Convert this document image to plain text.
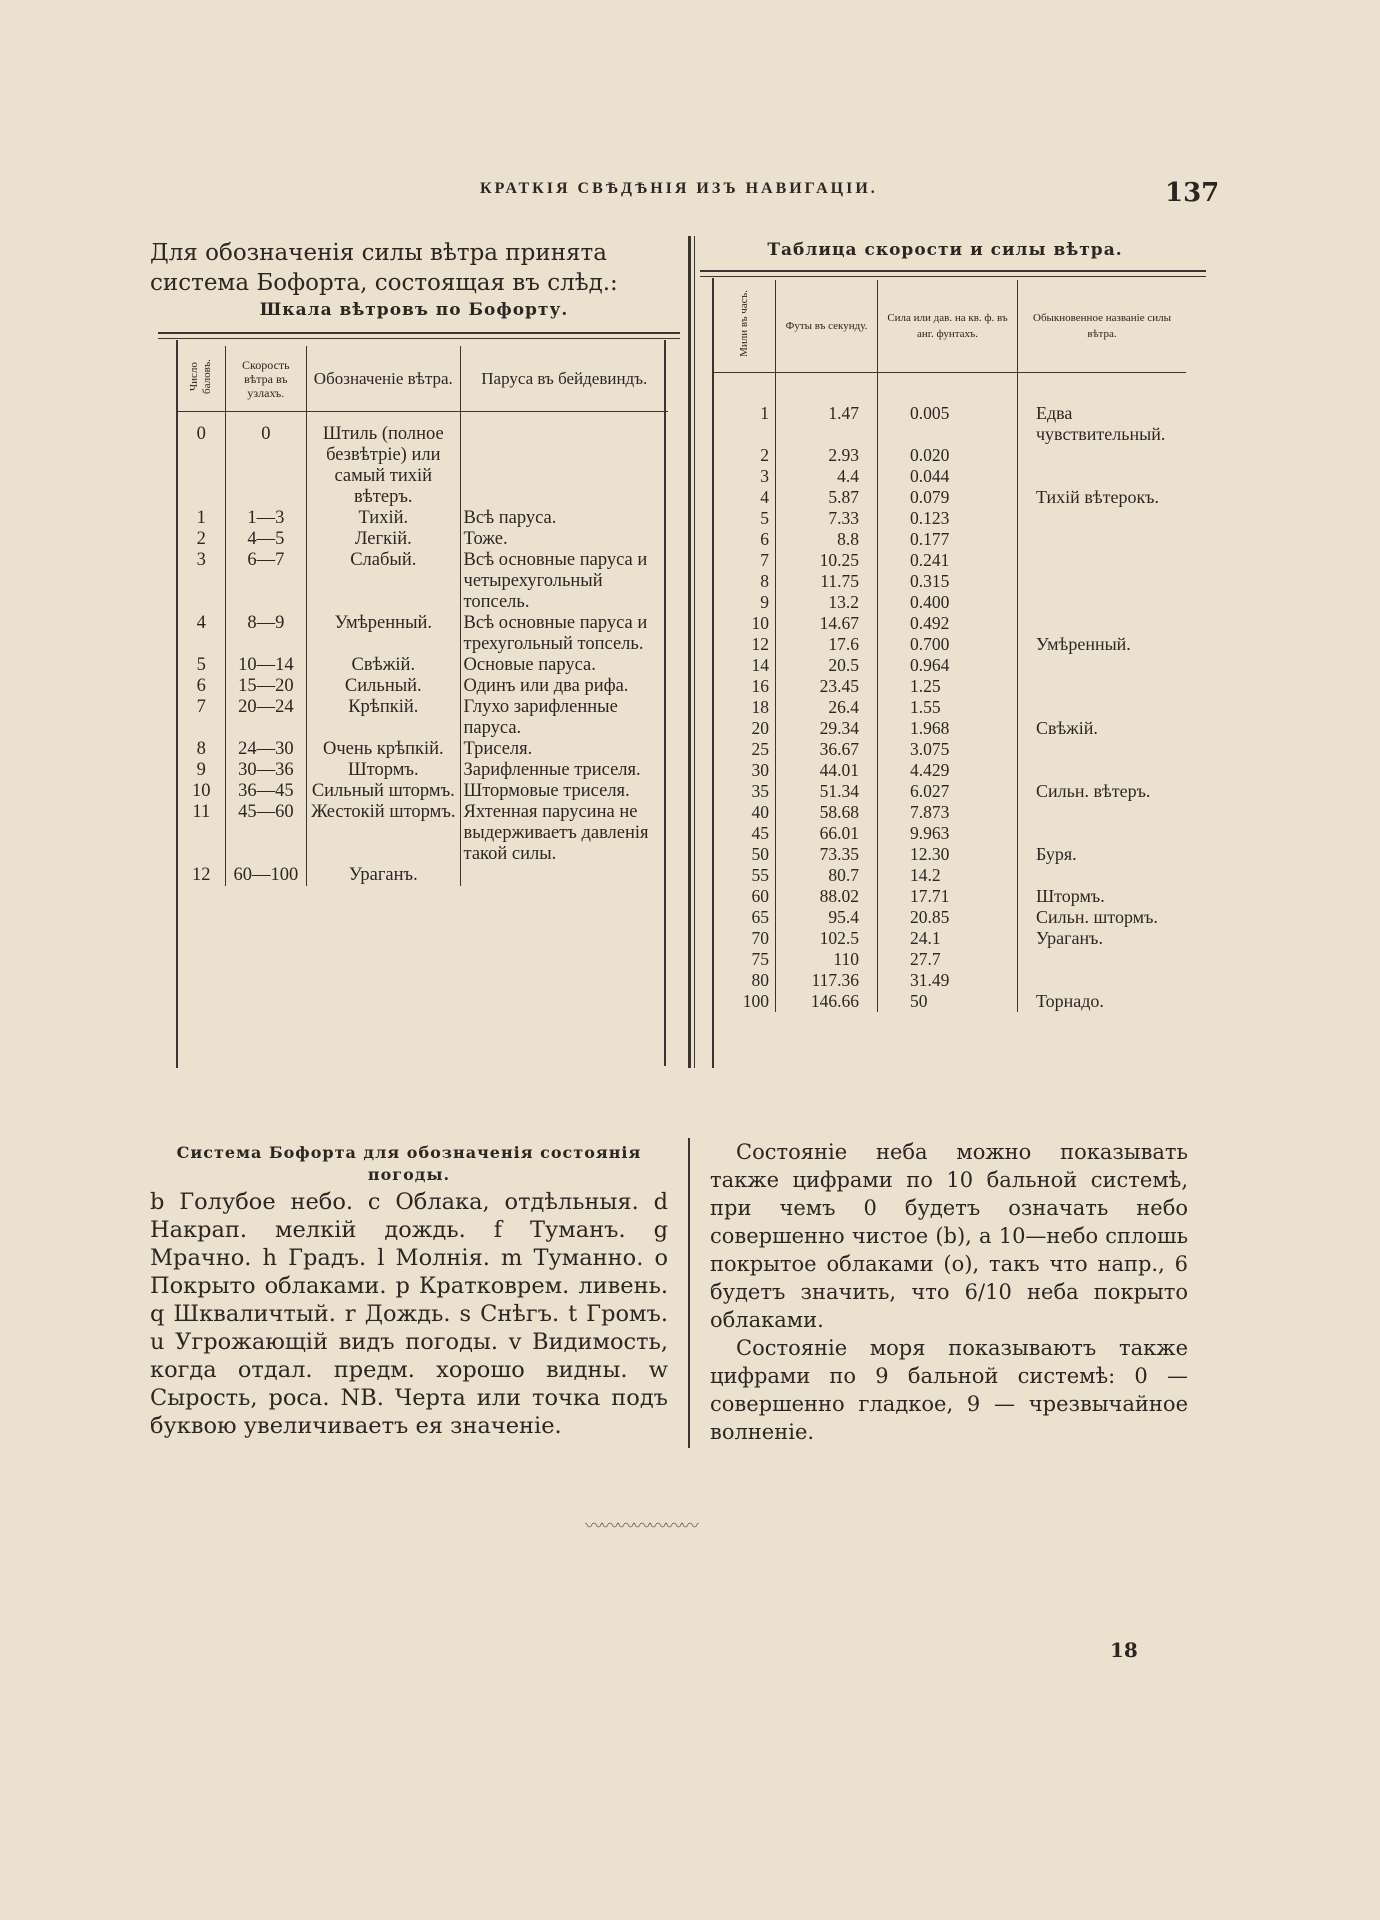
КРАТКІЯ СВѢДѢНІЯ ИЗЪ НАВИГАЦІИ.	137
Для обозначенія силы вѣтра принята система Бофорта, состоящая въ слѣд.:
Шкала вѣтровъ по Бофорту.
Число баловъ.	Скорость вѣтра въ узлахъ.	Обозначеніе вѣтра.	Паруса въ бейдевиндъ.
0	0	Штиль (полное безвѣтріе) или самый тихій вѣтеръ.	
1	1—3	Тихій.	Всѣ паруса.
2	4—5	Легкій.	Тоже.
3	6—7	Слабый.	Всѣ основные паруса и четырехугольный топсель.
4	8—9	Умѣренный.	Всѣ основные паруса и трехугольный топсель.
5	10—14	Свѣжій.	Основые паруса.
6	15—20	Сильный.	Одинъ или два рифа.
7	20—24	Крѣпкій.	Глухо зарифленные паруса.
8	24—30	Очень крѣпкій.	Триселя.
9	30—36	Штормъ.	Зарифленные триселя.
10	36—45	Сильный штормъ.	Штормовые триселя.
11	45—60	Жестокій штормъ.	Яхтенная парусина не выдерживаетъ давленія такой силы.
12	60—100	Ураганъ.	
Таблица скорости и силы вѣтра.
Мили въ часъ.	Футы въ секунду.	Сила или дав. на кв. ф. въ анг. фунтахъ.	Обыкновенное названіе силы вѣтра.
1	1.47	0.005	Едва чувствительный.
2	2.93	0.020	
3	4.4	0.044	
4	5.87	0.079	Тихій вѣтерокъ.
5	7.33	0.123	
6	8.8	0.177	
7	10.25	0.241	
8	11.75	0.315	
9	13.2	0.400	
10	14.67	0.492	
12	17.6	0.700	Умѣренный.
14	20.5	0.964	
16	23.45	1.25	
18	26.4	1.55	
20	29.34	1.968	Свѣжій.
25	36.67	3.075	
30	44.01	4.429	
35	51.34	6.027	Сильн. вѣтеръ.
40	58.68	7.873	
45	66.01	9.963	
50	73.35	12.30	Буря.
55	80.7	14.2	
60	88.02	17.71	Штормъ.
65	95.4	20.85	Сильн. штормъ.
70	102.5	24.1	Ураганъ.
75	110	27.7	
80	117.36	31.49	
100	146.66	50	Торнадо.
Система Бофорта для обозначенія состоянія погоды.
b Голубое небо. c Облака, отдѣльныя. d Накрап. мелкій дождь. f Туманъ. g Мрачно. h Градъ. l Молнія. m Туманно. o Покрыто облаками. p Кратковрем. ливень. q Шкваличтый. r Дождь. s Снѣгъ. t Громъ. u Угрожающій видъ погоды. v Видимость, когда отдал. предм. хорошо видны. w Сырость, роса. NB. Черта или точка подъ буквою увеличиваетъ ея значеніе.

Состояніе неба можно показывать также цифрами по 10 бальной системѣ, при чемъ 0 будетъ означать небо совершенно чистое (b), а 10—небо сплошь покрытое облаками (o), такъ что напр., 6 будетъ значить, что 6/10 неба покрыто облаками.

Состояніе моря показываютъ также цифрами по 9 бальной системѣ: 0 — совершенно гладкое, 9 — чрезвычайное волненіе.

〰〰〰〰〰〰〰
18
